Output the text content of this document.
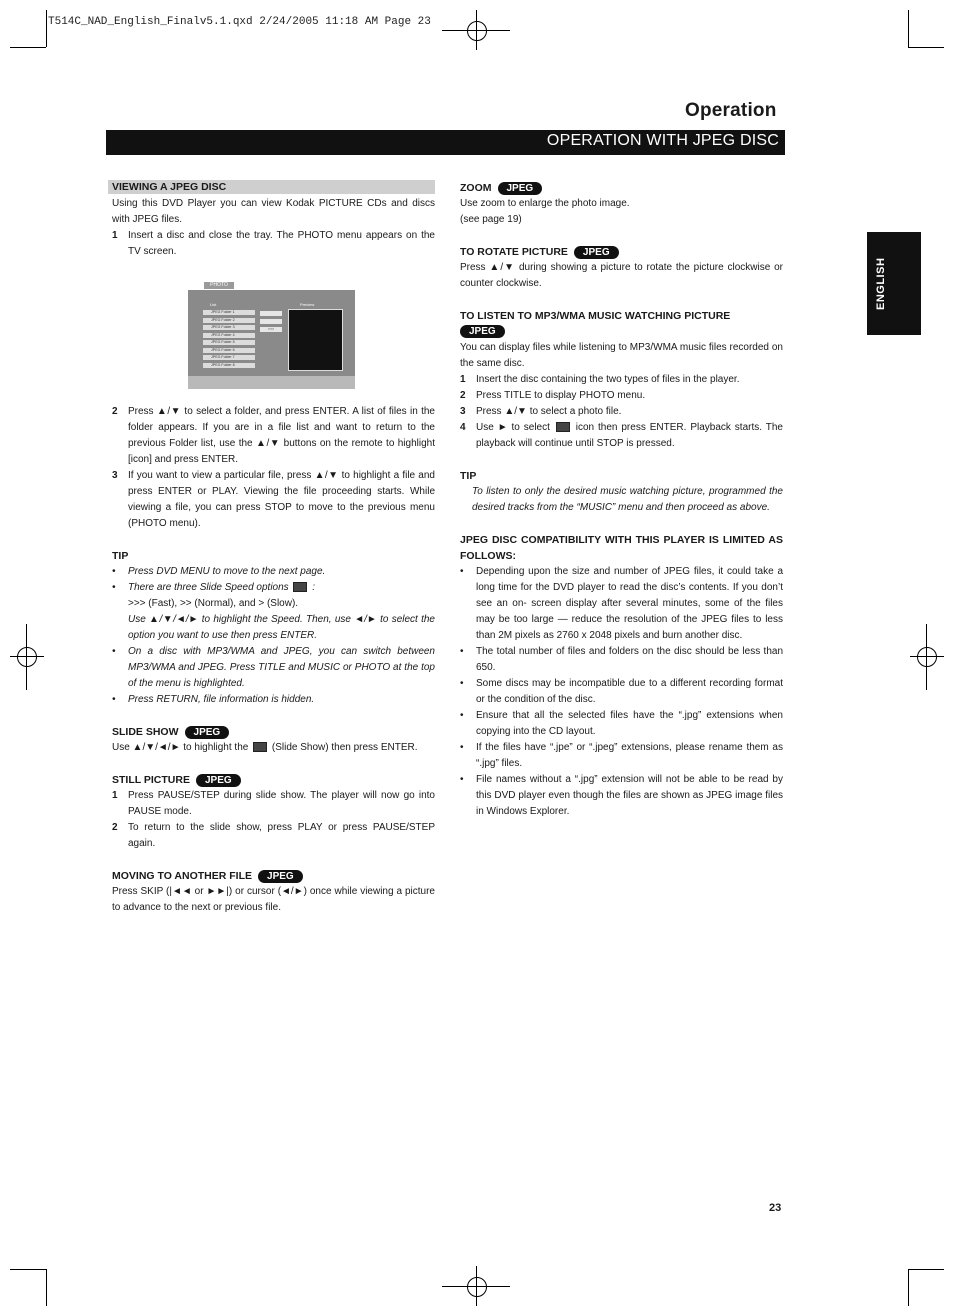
T514C_NAD_English_Finalv5.1.qxd 2/24/2005 11:18 AM Page 23
Operation
OPERATION WITH JPEG DISC
ENGLISH
VIEWING A JPEG DISC

Using this DVD Player you can view Kodak PICTURE CDs and discs with JPEG files.

1	Insert a disc and close the tray. The PHOTO menu appears on the TV screen.
PHOTO
List	Preview
JPEG Folder 1
JPEG Folder 2
JPEG Folder 3
JPEG Folder 4
JPEG Folder 5
JPEG Folder 6
JPEG Folder 7
JPEG Folder 8
>>>
2	Press ▲/▼ to select a folder, and press ENTER. A list of files in the folder appears. If you are in a file list and want to return to the previous Folder list, use the ▲/▼ buttons on the remote to highlight [icon] and press ENTER.
3	If you want to view a particular file, press ▲/▼ to highlight a file and press ENTER or PLAY. Viewing the file proceeding starts. While viewing a file, you can press STOP to move to the previous menu (PHOTO menu).
TIP
•	Press DVD MENU to move to the next page.
•	There are three Slide Speed options  :
>>> (Fast), >> (Normal), and > (Slow).
Use ▲/▼/◄/► to highlight the Speed. Then, use ◄/► to select the option you want to use then press ENTER.
•	On a disc with MP3/WMA and JPEG, you can switch between MP3/WMA and JPEG. Press TITLE and MUSIC or PHOTO at the top of the menu is highlighted.
•	Press RETURN, file information is hidden.
SLIDE SHOW	JPEG

Use ▲/▼/◄/► to highlight the (Slide Show) then press ENTER.

STILL PICTURE	JPEG
1	Press PAUSE/STEP during slide show. The player will now go into PAUSE mode.
2	To return to the slide show, press PLAY or press PAUSE/STEP again.
MOVING TO ANOTHER FILE	JPEG

Press SKIP (|◄◄ or ►►|) or cursor (◄/►) once while viewing a picture to advance to the next or previous file.

ZOOM	JPEG

Use zoom to enlarge the photo image.

(see page 19)

TO ROTATE PICTURE	JPEG

Press ▲/▼ during showing a picture to rotate the picture clockwise or counter clockwise.

TO LISTEN TO MP3/WMA MUSIC WATCHING PICTURE
JPEG

You can display files while listening to MP3/WMA music files recorded on the same disc.

1	Insert the disc containing the two types of files in the player.
2	Press TITLE to display PHOTO menu.
3	Press ▲/▼ to select a photo file.
4	Use ► to select	icon then press ENTER. Playback starts. The playback will continue until STOP is pressed.
TIP

To listen to only the desired music watching picture, programmed the desired tracks from the “MUSIC” menu and then proceed as above.

JPEG DISC COMPATIBILITY WITH THIS PLAYER IS LIMITED AS FOLLOWS:

•	Depending upon the size and number of JPEG files, it could take a long time for the DVD player to read the disc’s contents. If you don’t see an on- screen display after several minutes, some of the files may be too large — reduce the resolution of the JPEG files to less than 2M pixels as 2760 x 2048 pixels and burn another disc.
•	The total number of files and folders on the disc should be less than 650.
•	Some discs may be incompatible due to a different recording format or the condition of the disc.
•	Ensure that all the selected files have the “.jpg” extensions when copying into the CD layout.
•	If the files have “.jpe” or “.jpeg” extensions, please rename them as “.jpg” files.
•	File names without a “.jpg” extension will not be able to be read by this DVD player even though the files are shown as JPEG image files in Windows Explorer.
23
